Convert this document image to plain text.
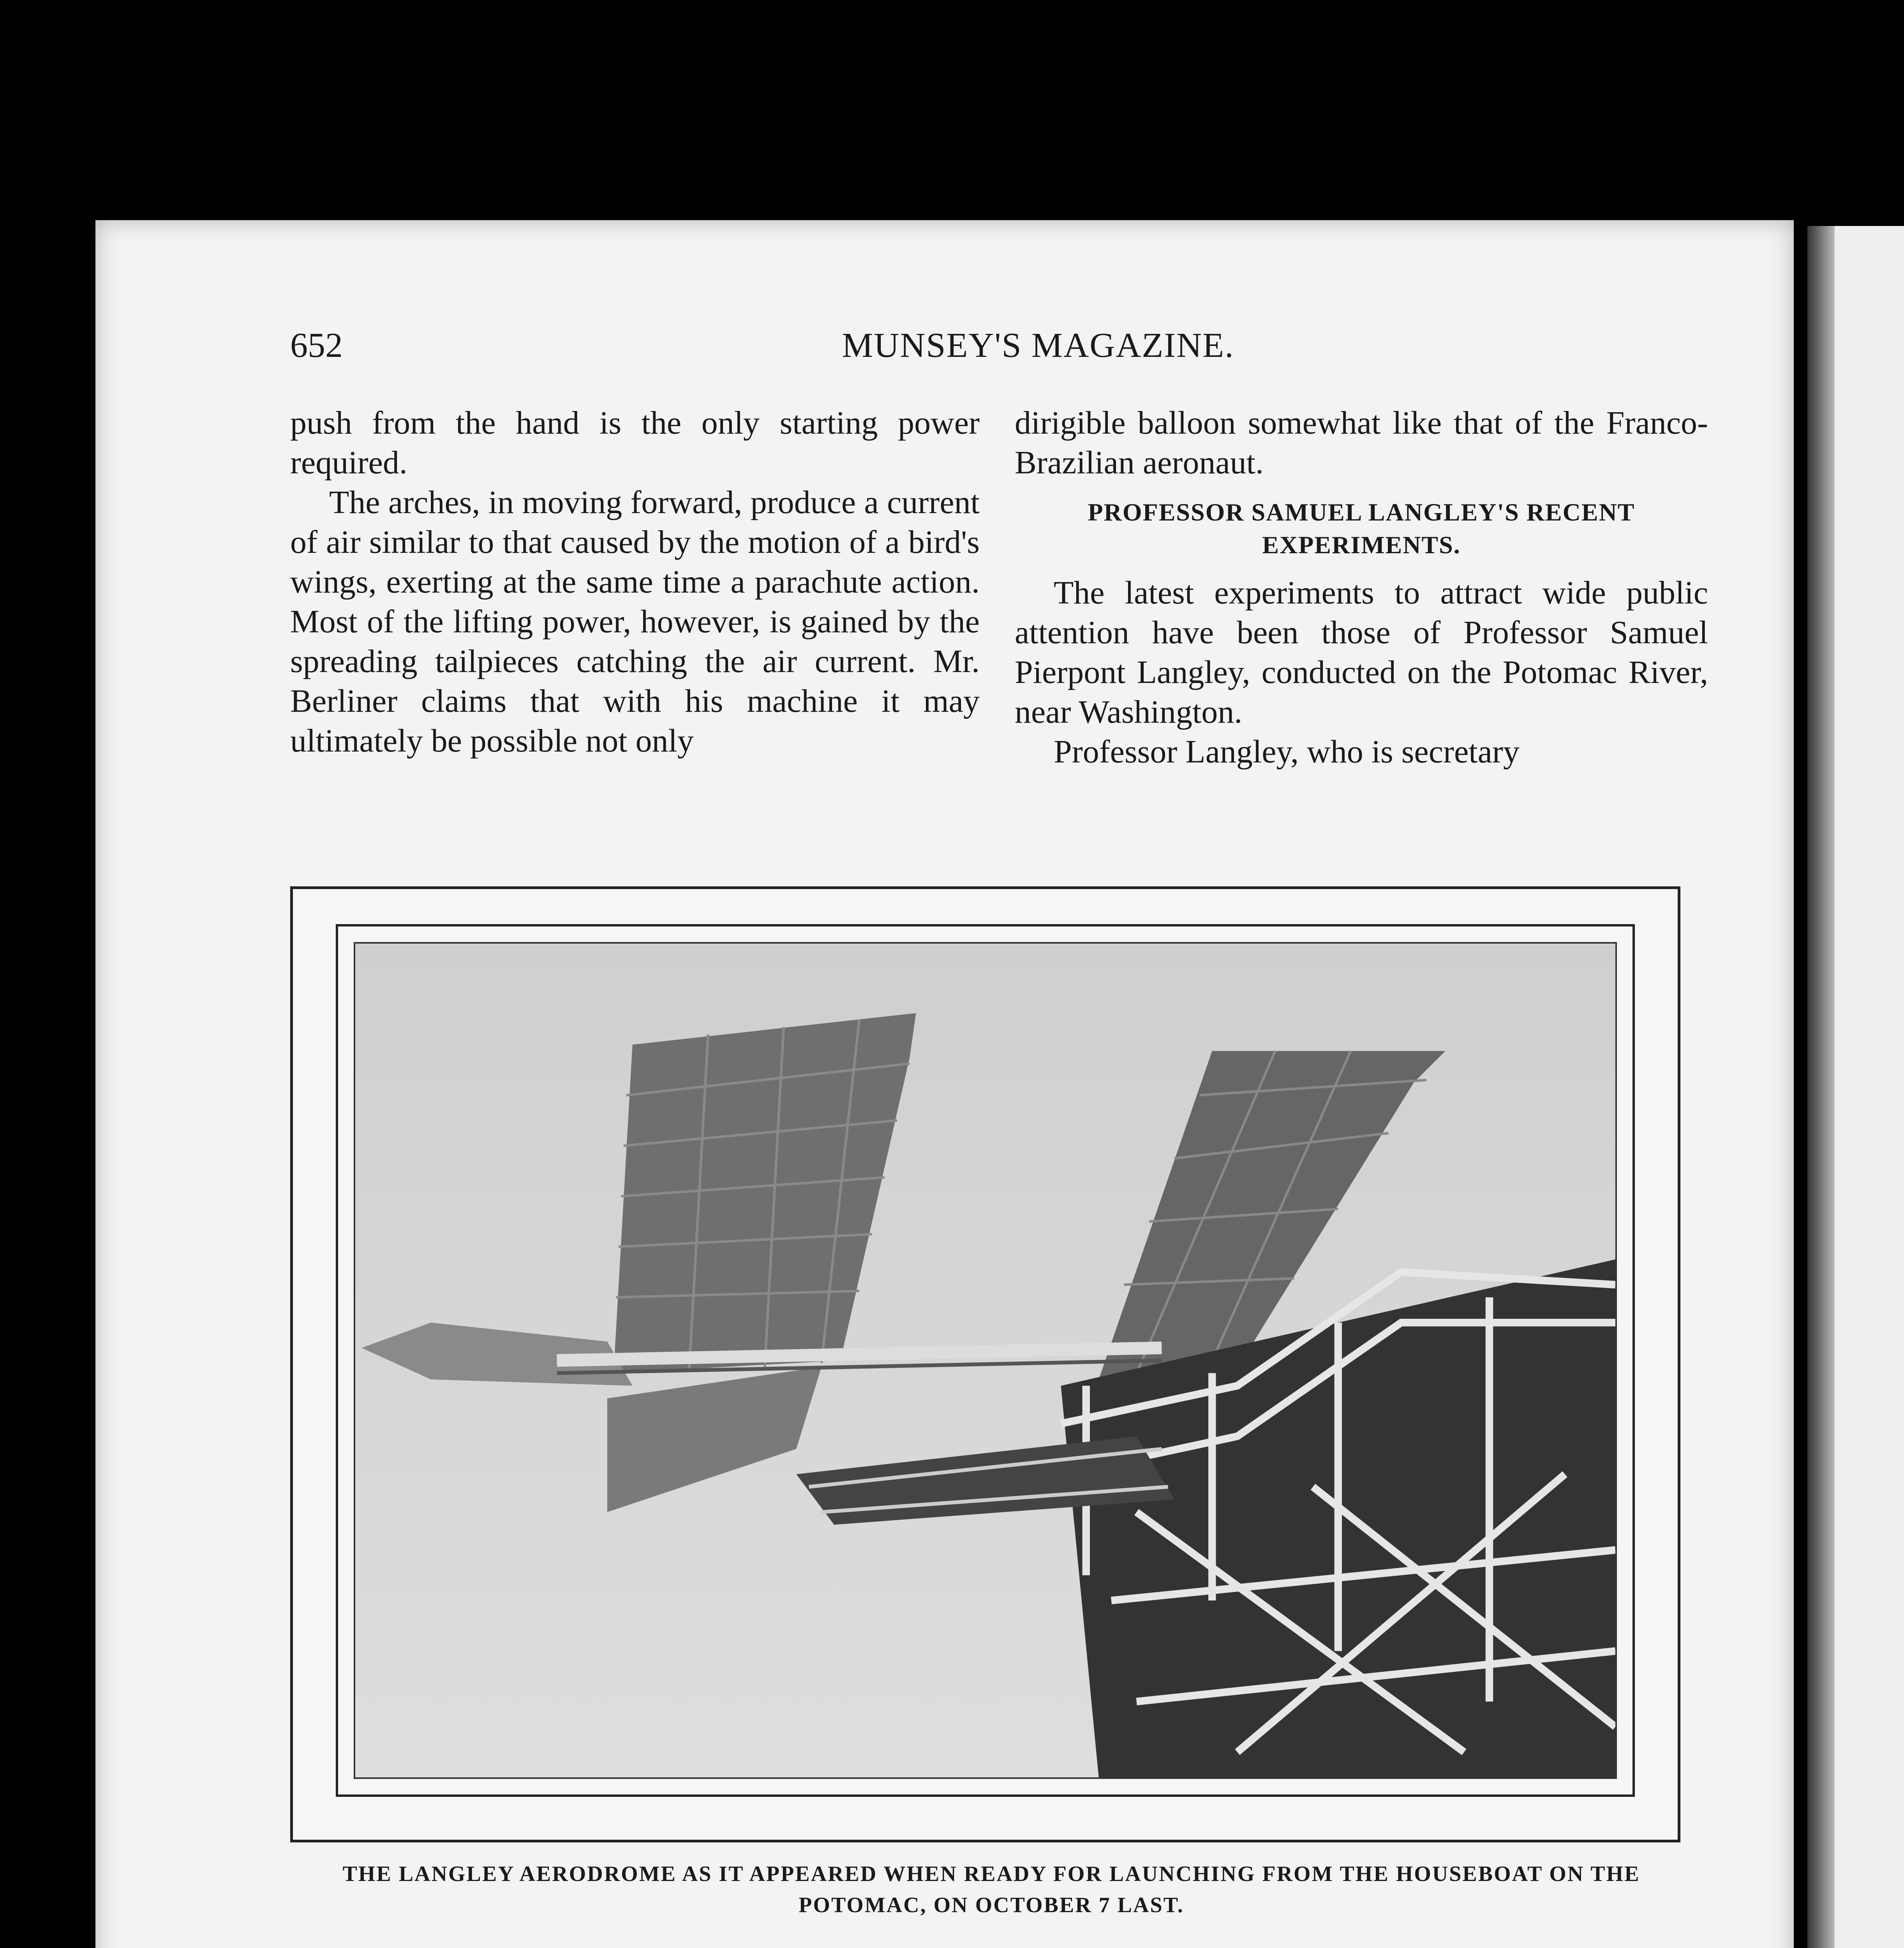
652	MUNSEY'S MAGAZINE.

push from the hand is the only starting power required.

The arches, in moving forward, produce a current of air similar to that caused by the motion of a bird's wings, exerting at the same time a parachute action. Most of the lifting power, however, is gained by the spreading tailpieces catching the air current. Mr. Berliner claims that with his machine it may ultimately be possible not only

dirigible balloon somewhat like that of the Franco-Brazilian aeronaut.

PROFESSOR SAMUEL LANGLEY'S RECENT EXPERIMENTS.

The latest experiments to attract wide public attention have been those of Professor Samuel Pierpont Langley, conducted on the Potomac River, near Washington.

Professor Langley, who is secretary

THE LANGLEY AERODROME AS IT APPEARED WHEN READY FOR LAUNCHING FROM THE HOUSEBOAT ON THE POTOMAC, ON OCTOBER 7 LAST.
